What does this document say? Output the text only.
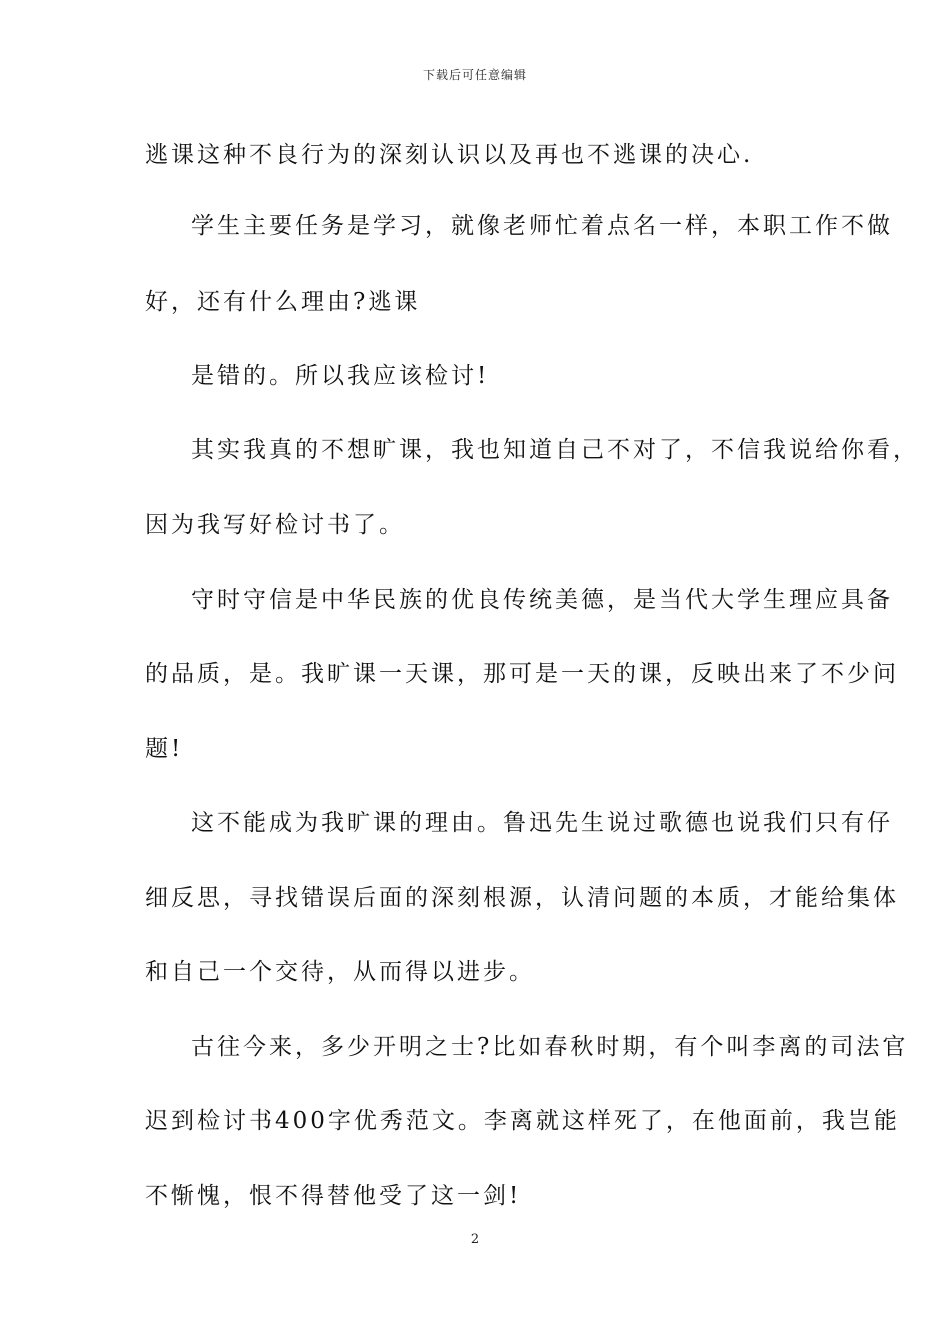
下载后可任意编辑
逃课这种不良行为的深刻认识以及再也不逃课的决心.
学生主要任务是学习，就像老师忙着点名一样，本职工作不做
好，还有什么理由?逃课
是错的。所以我应该检讨!
其实我真的不想旷课，我也知道自己不对了，不信我说给你看，
因为我写好检讨书了。
守时守信是中华民族的优良传统美德，是当代大学生理应具备
的品质，是。我旷课一天课，那可是一天的课，反映出来了不少问
题!
这不能成为我旷课的理由。鲁迅先生说过歌德也说我们只有仔
细反思，寻找错误后面的深刻根源，认清问题的本质，才能给集体
和自己一个交待，从而得以进步。
古往今来，多少开明之士?比如春秋时期，有个叫李离的司法官
迟到检讨书400字优秀范文。李离就这样死了，在他面前，我岂能
不惭愧，恨不得替他受了这一剑!
2
